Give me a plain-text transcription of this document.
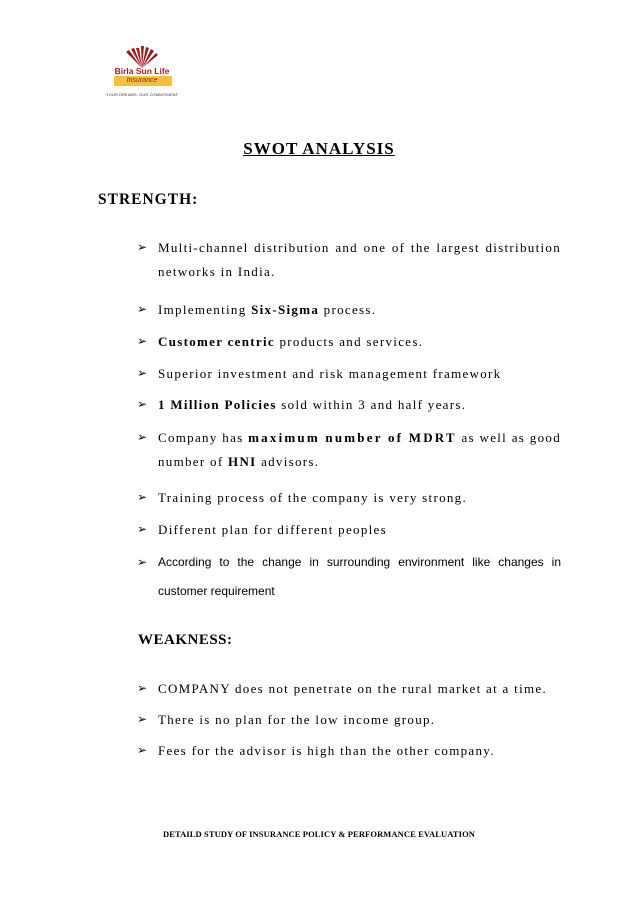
Birla Sun Life
Insurance
YOUR DREAMS. OUR COMMITMENT
SWOT ANALYSIS
STRENGTH:
➢ Multi-channel distribution and one of the largest distribution
networks in India.
➢ Implementing Six-Sigma process.
➢ Customer centric products and services.
➢ Superior investment and risk management framework
➢ 1 Million Policies sold within 3 and half years.
➢ Company has maximum number of MDRT as well as good
number of HNI advisors.
➢ Training process of the company is very strong.
➢ Different plan for different peoples
➢ According to the change in surrounding environment like changes in
customer requirement
WEAKNESS:
➢ COMPANY does not penetrate on the rural market at a time.
➢ There is no plan for the low income group.
➢ Fees for the advisor is high than the other company.
DETAILD STUDY OF INSURANCE POLICY & PERFORMANCE EVALUATION
